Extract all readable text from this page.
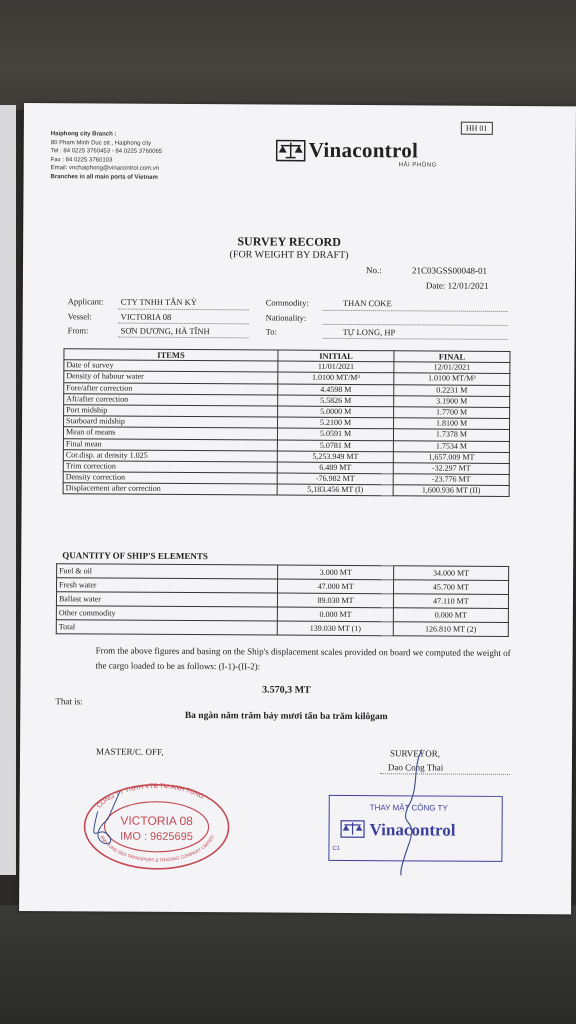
Haiphong city Branch :
80 Pham Minh Duc str., Haiphong city
Tel : 84 0225 3760453 - 84 0225 3760065
Fax : 84 0225 3760103
Email: vnchaiphong@vinacontrol.com.vn
Branches in all main ports of Vietnam
HH 01
Vinacontrol
HẢI PHÒNG
SURVEY RECORD
(FOR WEIGHT BY DRAFT)
No.:	21C03GSS00048-01
Date: 12/01/2021
Applicant: CTY TNHH TÂN KỲ
Vessel:	VICTORIA 08
From:	SƠN DƯƠNG, HÀ TĨNH
Commodity:	THAN COKE
Nationality:
To:	TỰ LONG, HP
ITEMS	INITIAL	FINAL
Date of survey	11/01/2021	12/01/2021
Density of habour water	1.0100 MT/M³	1.0100 MT/M³
Fore/after correction	4.4598 M	0.2231 M
Aft/after correction	5.5826 M	3.1900 M
Port midship	5.0000 M	1.7700 M
Starboard midship	5.2100 M	1.8100 M
Mean of means	5.0591 M	1.7378 M
Final mean	5.0781 M	1.7534 M
Cor.disp. at density 1.025	5,253.949 MT	1,657.009 MT
Trim correction	6.489 MT	-32.297 MT
Density correction	-76.982 MT	-23.776 MT
Displacement after correction	5,183.456 MT (I)	1,600.936 MT (II)
QUANTITY OF SHIP'S ELEMENTS
Fuel & oil	3.000 MT	34.000 MT
Fresh water	47.000 MT	45.700 MT
Ballast water	89.030 MT	47.110 MT
Other commodity	0.000 MT	0.000 MT
Total	139.030 MT (1)	126.810 MT (2)
From the above figures and basing on the Ship's displacement scales provided on board we computed the weight of the cargo loaded to be as follows: (I-1)-(II-2):
3.570,3 MT
That is:
Ba ngàn năm trăm bảy mươi tấn ba trăm kilôgam
MASTER/C. OFF,	SURVEYOR,
Dao Cong Thai
CÔNG TY TNHH VTB TM ANH TÙNG
ANH TUNG SEA TRANSPORT & TRADING COMPANY LIMITED
VICTORIA 08
IMO : 9625695
THAY MẶT CÔNG TY
Vinacontrol
C1
